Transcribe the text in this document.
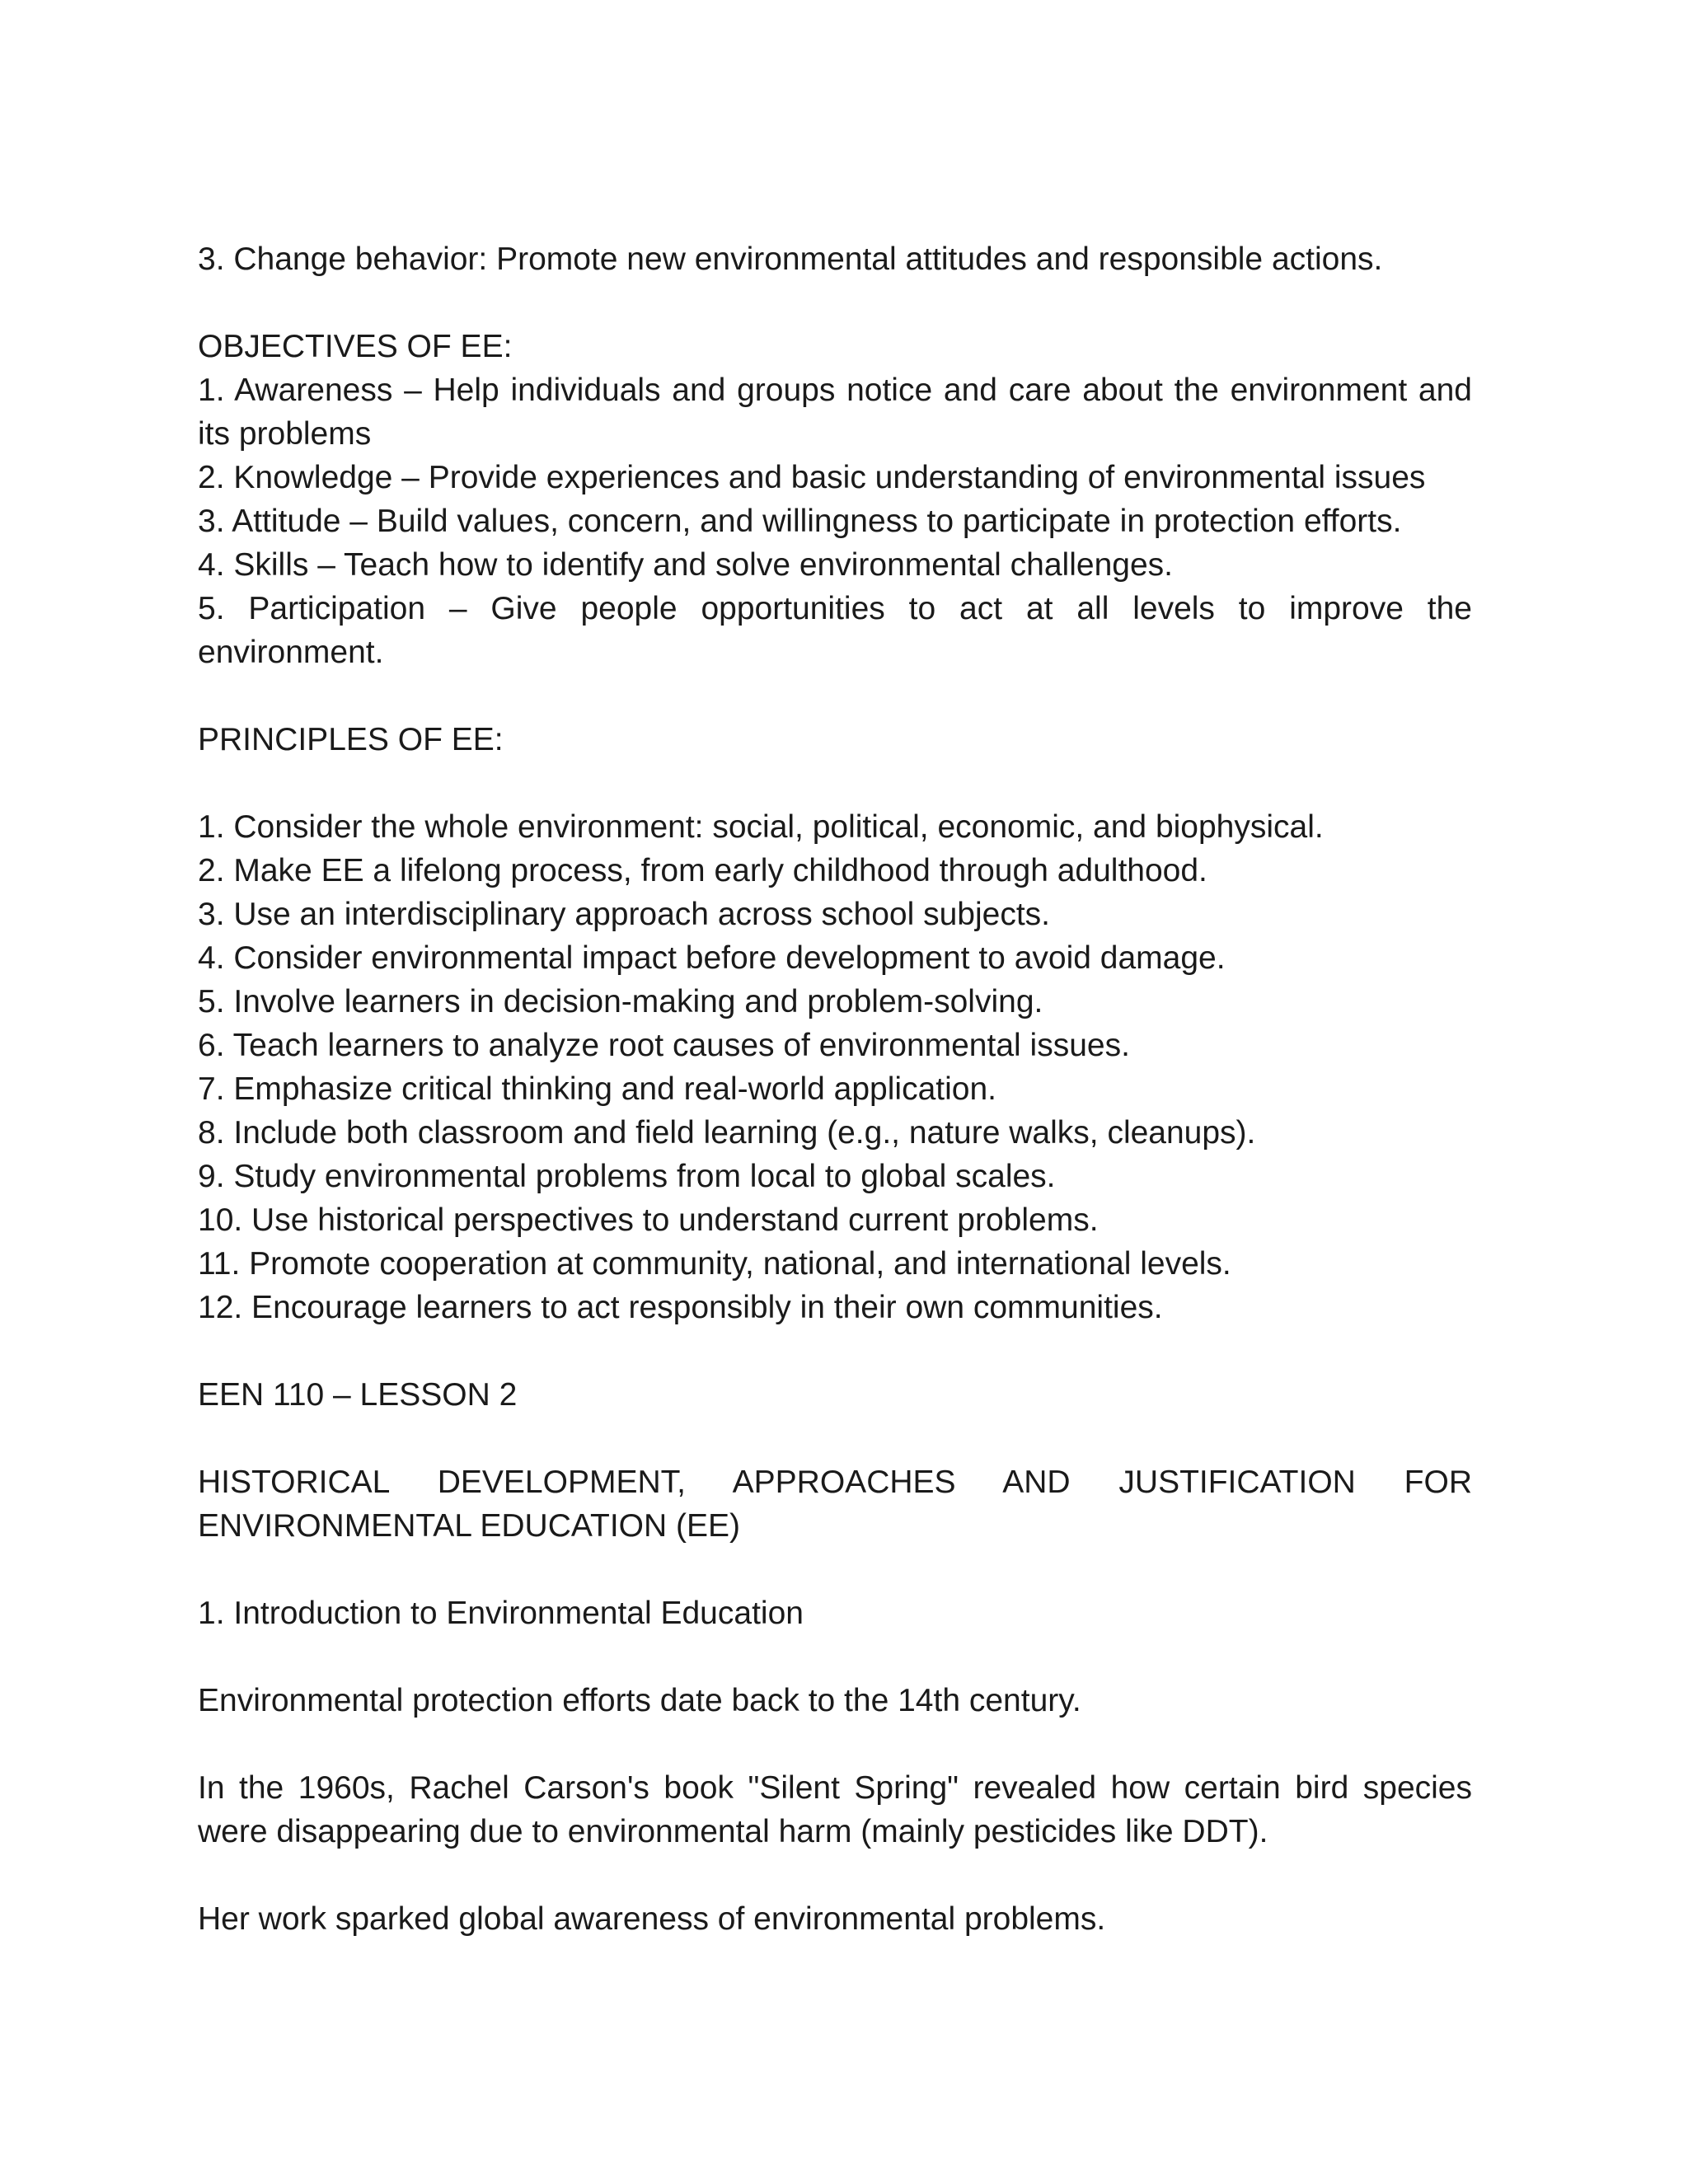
3. Change behavior: Promote new environmental attitudes and responsible actions.

OBJECTIVES OF EE:

1. Awareness – Help individuals and groups notice and care about the environment and its problems
2. Knowledge – Provide experiences and basic understanding of environmental issues
3. Attitude – Build values, concern, and willingness to participate in protection efforts.
4. Skills – Teach how to identify and solve environmental challenges.
5. Participation – Give people opportunities to act at all levels to improve the environment.

PRINCIPLES OF EE:

1. Consider the whole environment: social, political, economic, and biophysical.
2. Make EE a lifelong process, from early childhood through adulthood.
3. Use an interdisciplinary approach across school subjects.
4. Consider environmental impact before development to avoid damage.
5. Involve learners in decision-making and problem-solving.
6. Teach learners to analyze root causes of environmental issues.
7. Emphasize critical thinking and real-world application.
8. Include both classroom and field learning (e.g., nature walks, cleanups).
9. Study environmental problems from local to global scales.
10. Use historical perspectives to understand current problems.
11. Promote cooperation at community, national, and international levels.
12. Encourage learners to act responsibly in their own communities.

EEN 110 – LESSON 2

HISTORICAL DEVELOPMENT, APPROACHES AND JUSTIFICATION FOR ENVIRONMENTAL EDUCATION (EE)

1. Introduction to Environmental Education

Environmental protection efforts date back to the 14th century.

In the 1960s, Rachel Carson's book "Silent Spring" revealed how certain bird species were disappearing due to environmental harm (mainly pesticides like DDT).

Her work sparked global awareness of environmental problems.
